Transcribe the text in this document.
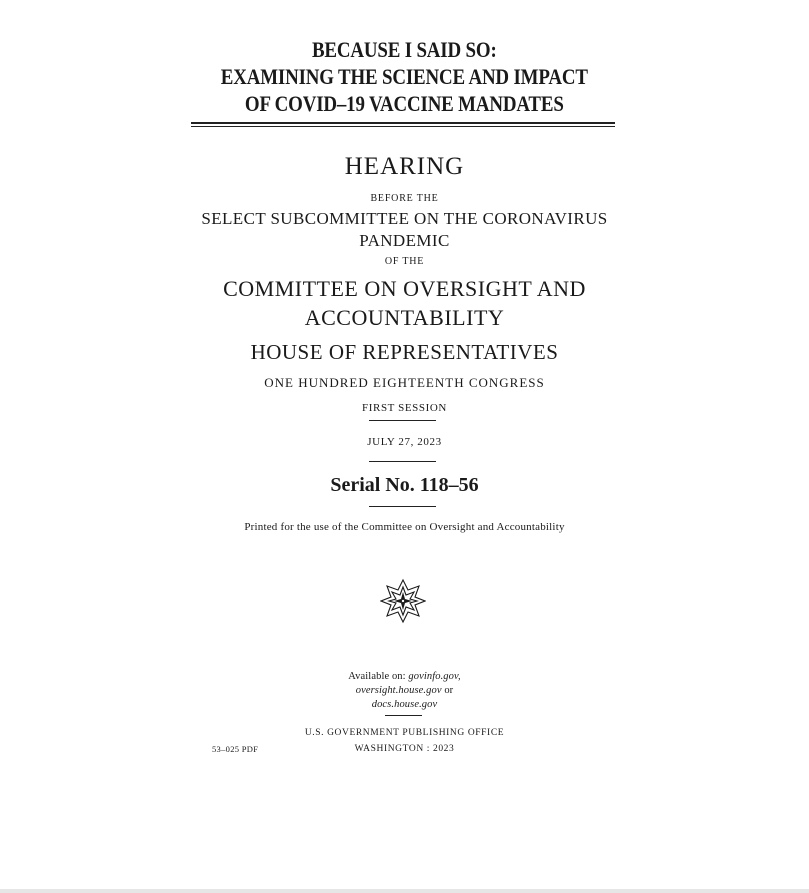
BECAUSE I SAID SO:
EXAMINING THE SCIENCE AND IMPACT
OF COVID–19 VACCINE MANDATES
HEARING
BEFORE THE
SELECT SUBCOMMITTEE ON THE CORONAVIRUS
PANDEMIC
OF THE
COMMITTEE ON OVERSIGHT AND
ACCOUNTABILITY
HOUSE OF REPRESENTATIVES
ONE HUNDRED EIGHTEENTH CONGRESS
FIRST SESSION
JULY 27, 2023
Serial No. 118–56
Printed for the use of the Committee on Oversight and Accountability
Available on: govinfo.gov,
oversight.house.gov or
docs.house.gov
U.S. GOVERNMENT PUBLISHING OFFICE
53–025 PDF	WASHINGTON : 2023
